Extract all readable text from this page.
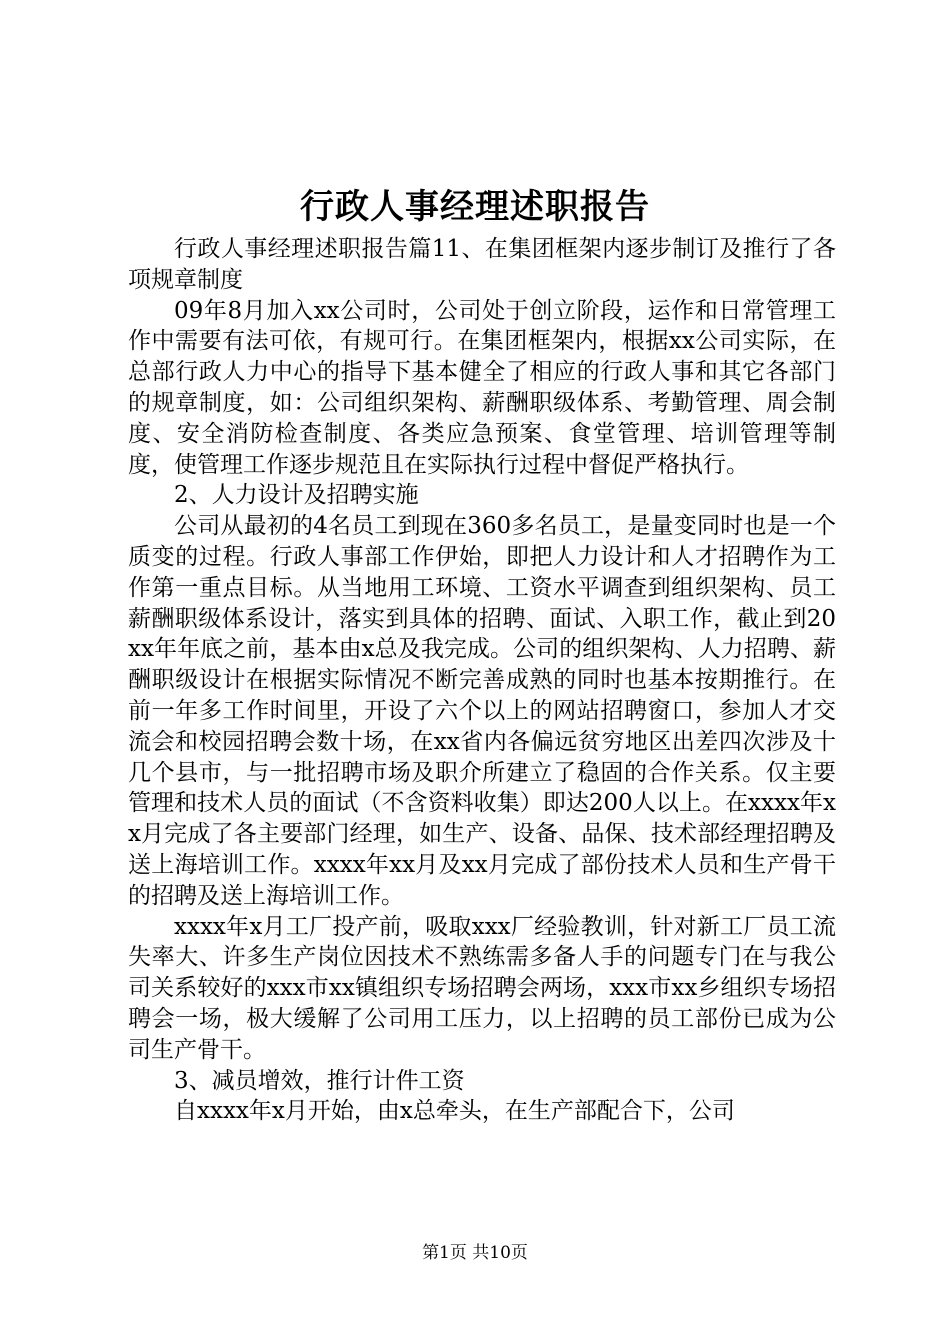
行政人事经理述职报告

行政人事经理述职报告篇11、在集团框架内逐步制订及推行了各项规章制度

09年8月加入xx公司时，公司处于创立阶段，运作和日常管理工作中需要有法可依，有规可行。在集团框架内，根据xx公司实际，在总部行政人力中心的指导下基本健全了相应的行政人事和其它各部门的规章制度，如：公司组织架构、薪酬职级体系、考勤管理、周会制度、安全消防检查制度、各类应急预案、食堂管理、培训管理等制度，使管理工作逐步规范且在实际执行过程中督促严格执行。

2、人力设计及招聘实施

公司从最初的4名员工到现在360多名员工，是量变同时也是一个质变的过程。行政人事部工作伊始，即把人力设计和人才招聘作为工作第一重点目标。从当地用工环境、工资水平调查到组织架构、员工薪酬职级体系设计，落实到具体的招聘、面试、入职工作，截止到20xx年年底之前，基本由x总及我完成。公司的组织架构、人力招聘、薪酬职级设计在根据实际情况不断完善成熟的同时也基本按期推行。在前一年多工作时间里，开设了六个以上的网站招聘窗口，参加人才交流会和校园招聘会数十场，在xx省内各偏远贫穷地区出差四次涉及十几个县市，与一批招聘市场及职介所建立了稳固的合作关系。仅主要管理和技术人员的面试（不含资料收集）即达200人以上。在xxxx年xx月完成了各主要部门经理，如生产、设备、品保、技术部经理招聘及送上海培训工作。xxxx年xx月及xx月完成了部份技术人员和生产骨干的招聘及送上海培训工作。

xxxx年x月工厂投产前，吸取xxx厂经验教训，针对新工厂员工流失率大、许多生产岗位因技术不熟练需多备人手的问题专门在与我公司关系较好的xxx市xx镇组织专场招聘会两场，xxx市xx乡组织专场招聘会一场，极大缓解了公司用工压力，以上招聘的员工部份已成为公司生产骨干。

3、减员增效，推行计件工资

自xxxx年x月开始，由x总牵头，在生产部配合下，公司

第1页 共10页
